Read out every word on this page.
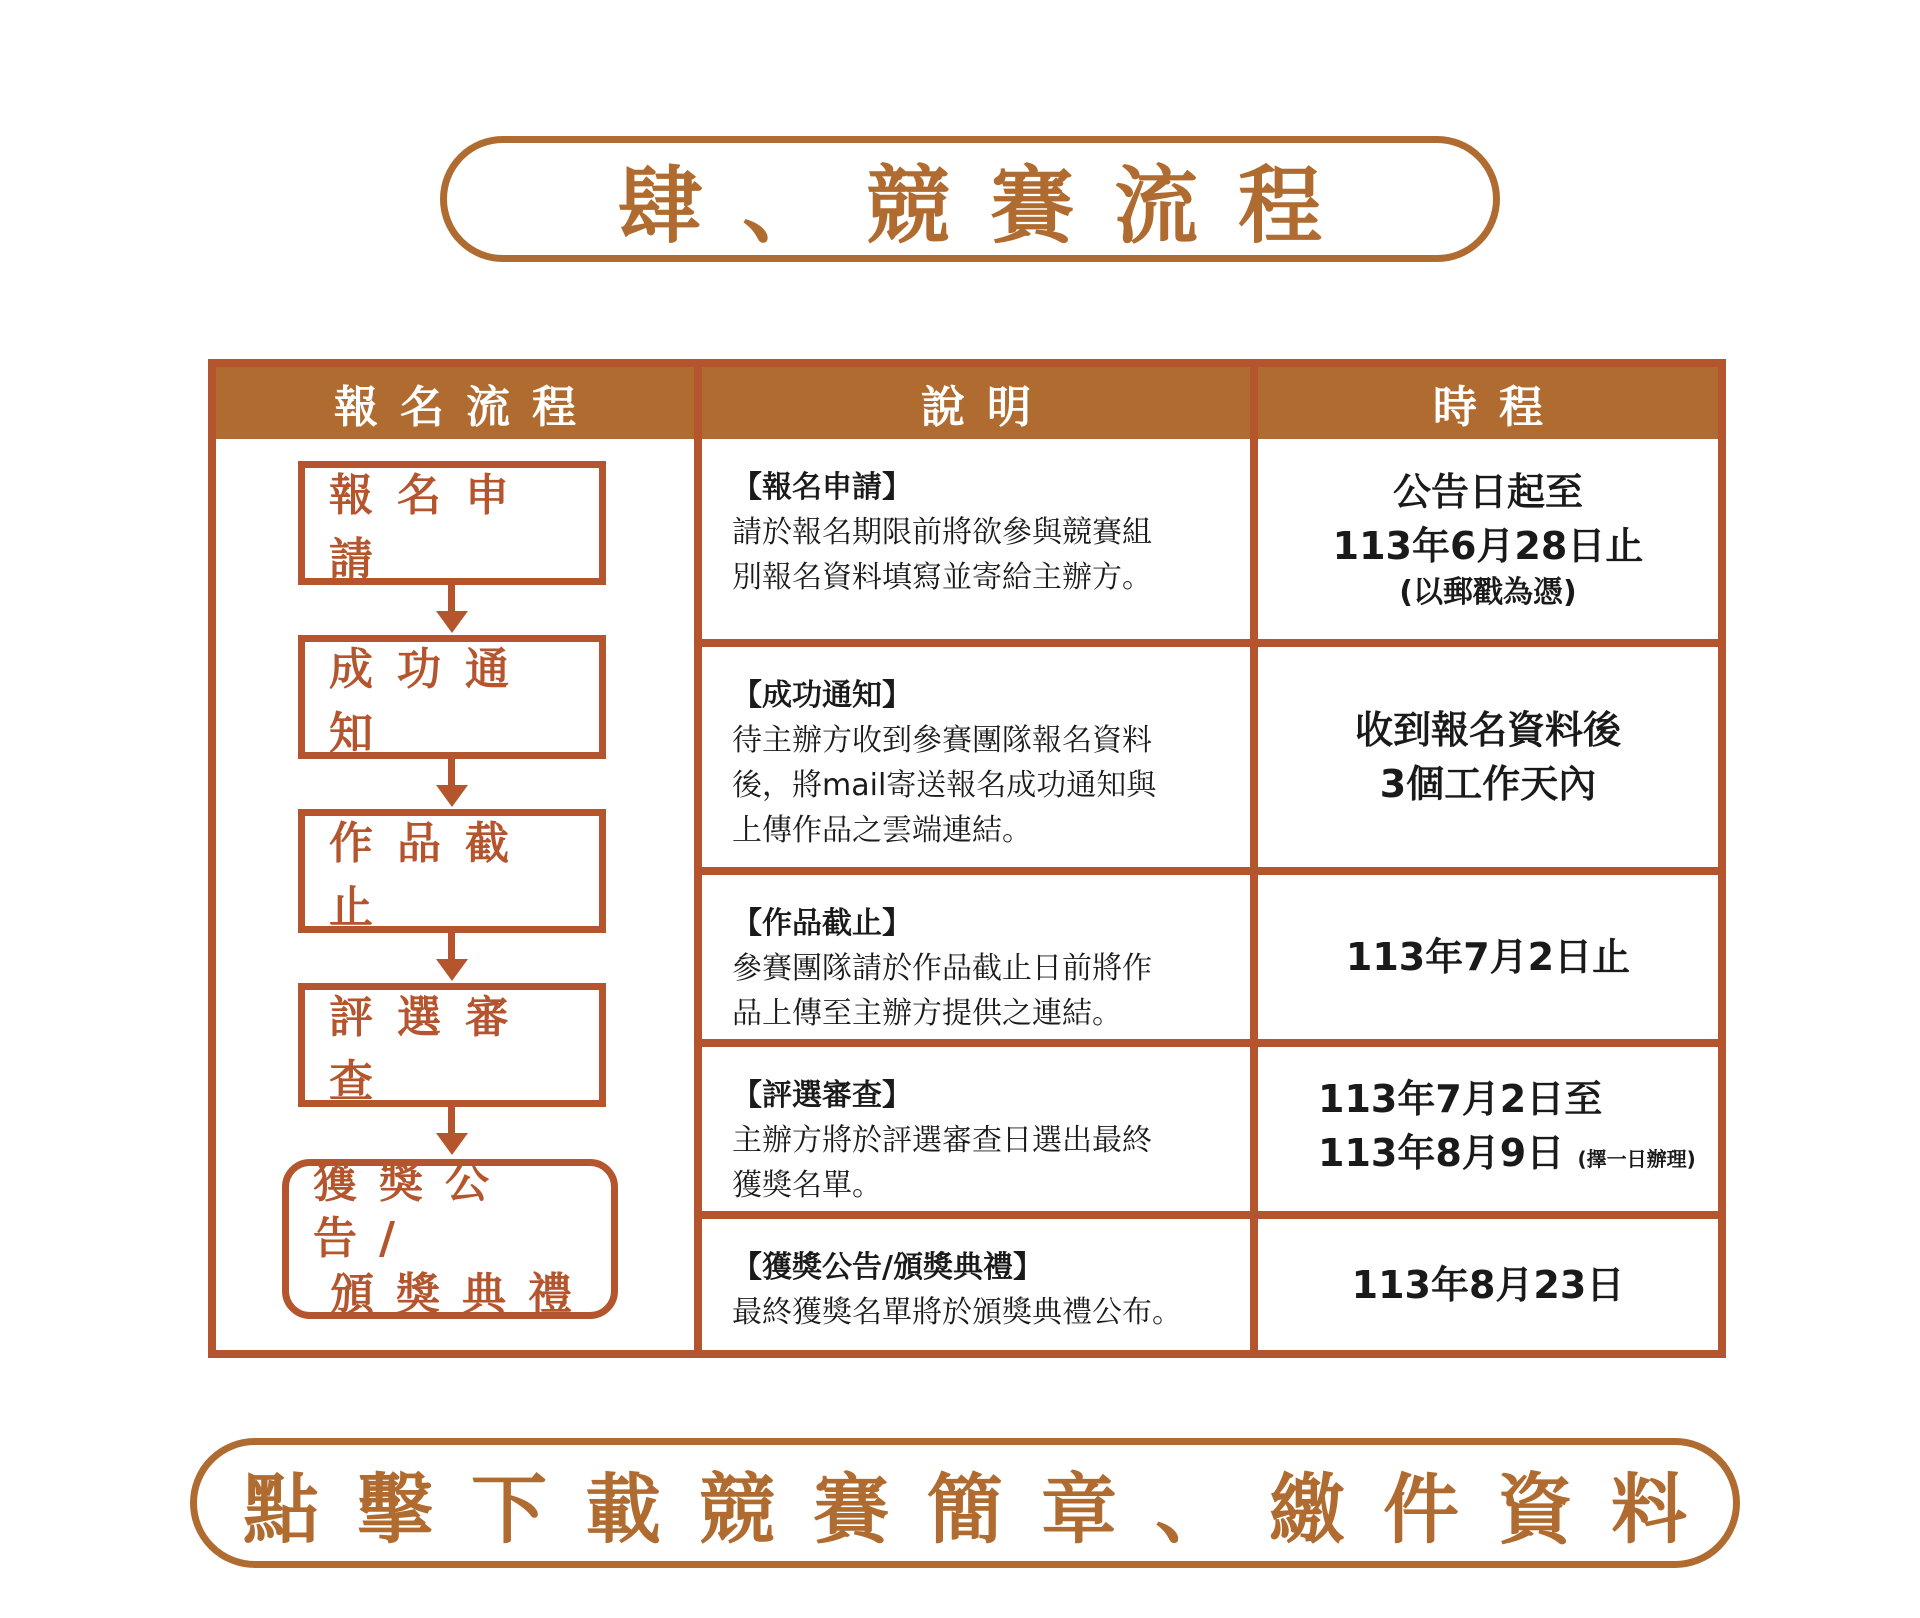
肆、競賽流程
報名流程	說明	時程
報名申請
成功通知
作品截止
評選審查
獲獎公告/
頒獎典禮
【報名申請】
請於報名期限前將欲參與競賽組
別報名資料填寫並寄給主辦方。
公告日起至
113年6月28日止
(以郵戳為憑)
【成功通知】
待主辦方收到參賽團隊報名資料
後，將mail寄送報名成功通知與
上傳作品之雲端連結。
收到報名資料後
3個工作天內
【作品截止】
參賽團隊請於作品截止日前將作
品上傳至主辦方提供之連結。
113年7月2日止
【評選審查】
主辦方將於評選審查日選出最終
獲獎名單。
113年7月2日至
113年8月9日 (擇一日辦理)
【獲獎公告/頒獎典禮】
最終獲獎名單將於頒獎典禮公布。
113年8月23日
點擊下載競賽簡章、繳件資料
